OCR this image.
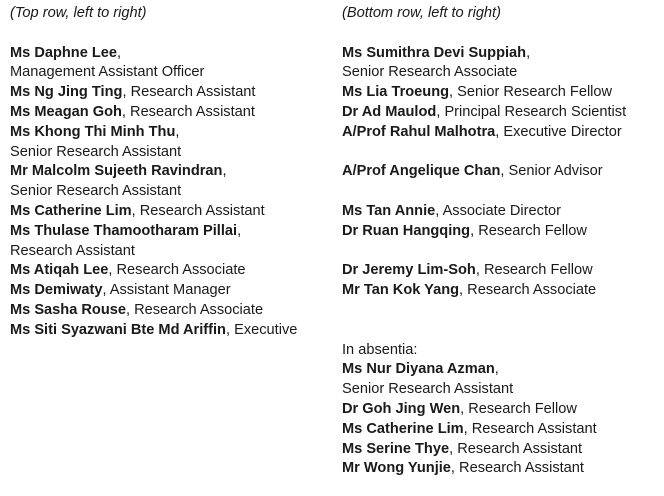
(Top row, left to right)
Ms Daphne Lee,
Management Assistant Officer
Ms Ng Jing Ting, Research Assistant
Ms Meagan Goh, Research Assistant
Ms Khong Thi Minh Thu,
Senior Research Assistant
Mr Malcolm Sujeeth Ravindran,
Senior Research Assistant
Ms Catherine Lim, Research Assistant
Ms Thulase Thamootharam Pillai,
Research Assistant
Ms Atiqah Lee, Research Associate
Ms Demiwaty, Assistant Manager
Ms Sasha Rouse, Research Associate
Ms Siti Syazwani Bte Md Ariffin, Executive
(Bottom row, left to right)
Ms Sumithra Devi Suppiah,
Senior Research Associate
Ms Lia Troeung, Senior Research Fellow
Dr Ad Maulod, Principal Research Scientist
A/Prof Rahul Malhotra, Executive Director
A/Prof Angelique Chan, Senior Advisor
Ms Tan Annie, Associate Director
Dr Ruan Hangqing, Research Fellow
Dr Jeremy Lim-Soh, Research Fellow
Mr Tan Kok Yang, Research Associate
In absentia:
Ms Nur Diyana Azman,
Senior Research Assistant
Dr Goh Jing Wen, Research Fellow
Ms Catherine Lim, Research Assistant
Ms Serine Thye, Research Assistant
Mr Wong Yunjie, Research Assistant
